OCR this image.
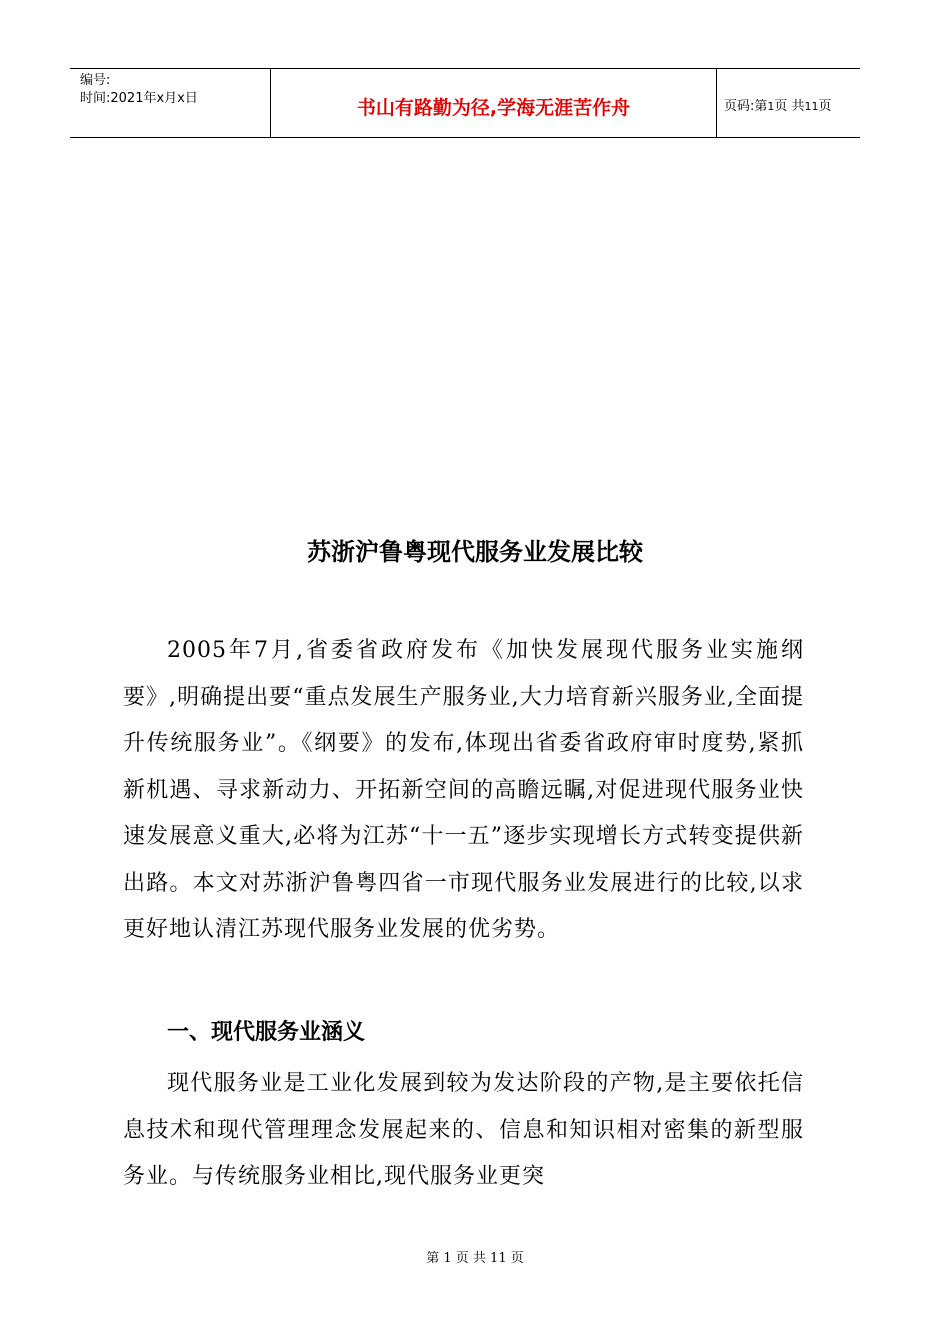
编号:
时间:2021年x月x日	书山有路勤为径,学海无涯苦作舟	页码:第1页 共11页
苏浙沪鲁粤现代服务业发展比较

2005年7月,省委省政府发布《加快发展现代服务业实施纲要》,明确提出要“重点发展生产服务业,大力培育新兴服务业,全面提升传统服务业”。《纲要》的发布,体现出省委省政府审时度势,紧抓新机遇、寻求新动力、开拓新空间的高瞻远瞩,对促进现代服务业快速发展意义重大,必将为江苏“十一五”逐步实现增长方式转变提供新出路。本文对苏浙沪鲁粤四省一市现代服务业发展进行的比较,以求更好地认清江苏现代服务业发展的优劣势。

一、现代服务业涵义

现代服务业是工业化发展到较为发达阶段的产物,是主要依托信息技术和现代管理理念发展起来的、信息和知识相对密集的新型服务业。与传统服务业相比,现代服务业更突

第 1 页 共 11 页
